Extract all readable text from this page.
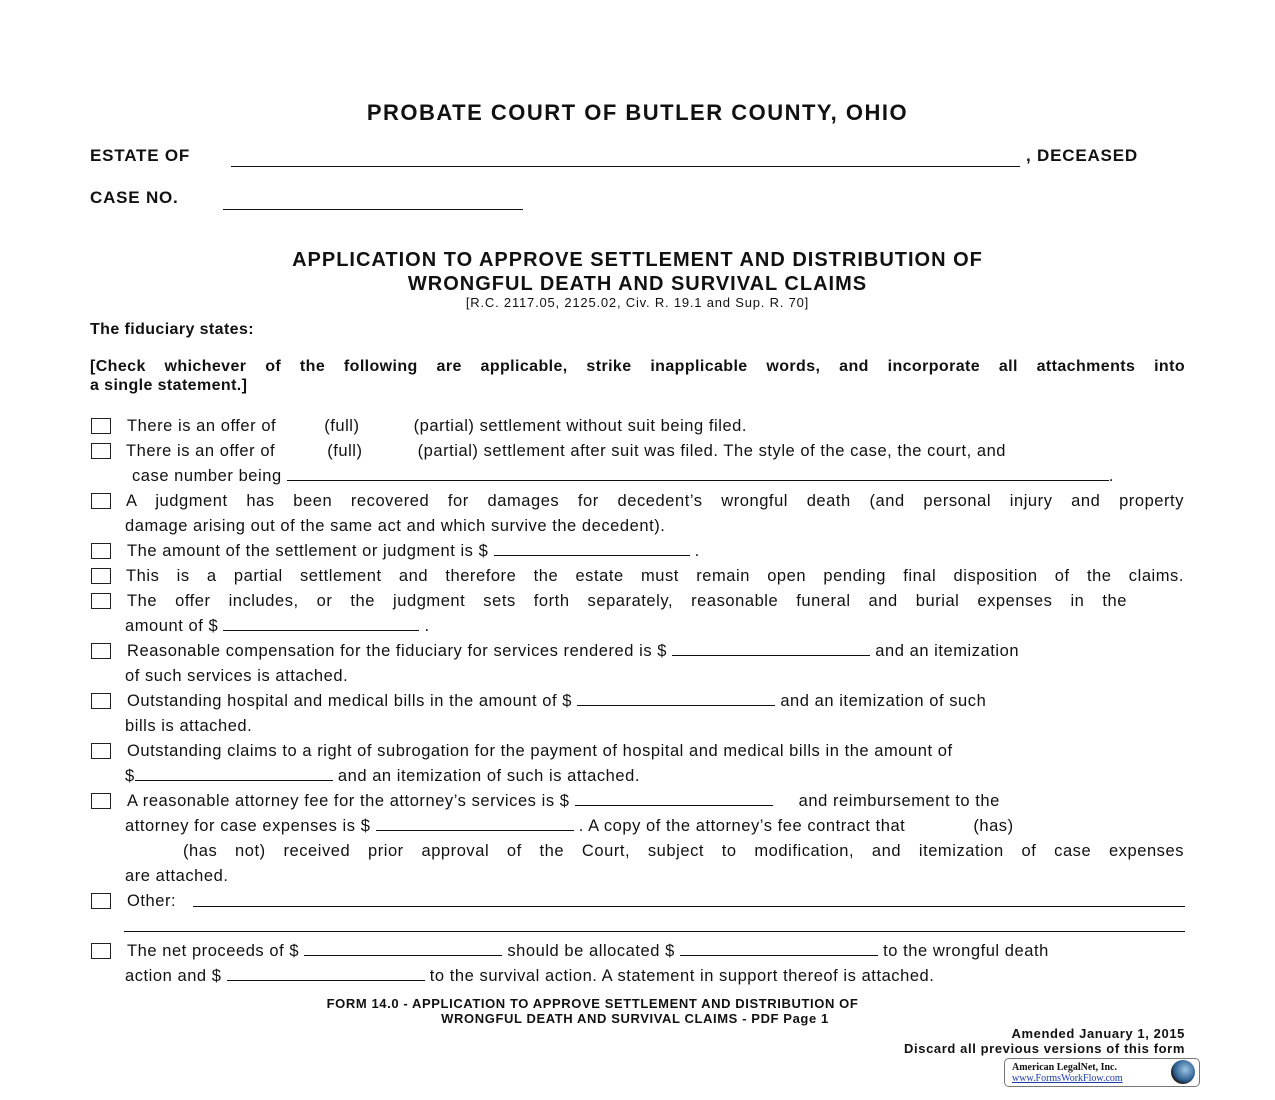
PROBATE COURT OF BUTLER COUNTY, OHIO
ESTATE OF	, DECEASED
CASE NO.
APPLICATION TO APPROVE SETTLEMENT AND DISTRIBUTION OF
WRONGFUL DEATH AND SURVIVAL CLAIMS
[R.C. 2117.05, 2125.02, Civ. R. 19.1 and Sup. R. 70]
The fiduciary states:
[Check whichever of the following are applicable, strike inapplicable words, and incorporate all attachments into
a single statement.]
There is an offer of	(full)	(partial) settlement without suit being filed.
There is an offer of	(full)	(partial) settlement after suit was filed. The style of the case, the court, and
case number being	.
A judgment has been recovered for damages for decedent’s wrongful death (and personal injury and property
damage arising out of the same act and which survive the decedent).
The amount of the settlement or judgment is $	.
This is a partial settlement and therefore the estate must remain open pending final disposition of the claims.
The offer includes, or the judgment sets forth separately, reasonable funeral and burial expenses in the
amount of $	.
Reasonable compensation for the fiduciary for services rendered is $	and an itemization
of such services is attached.
Outstanding hospital and medical bills in the amount of $	and an itemization of such
bills is attached.
Outstanding claims to a right of subrogation for the payment of hospital and medical bills in the amount of
$	and an itemization of such is attached.
A reasonable attorney fee for the attorney’s services is $	and reimbursement to the
attorney for case expenses is $	. A copy of the attorney’s fee contract that	(has)
(has not) received prior approval of the Court, subject to modification, and itemization of case expenses
are attached.
Other:
The net proceeds of $	should be allocated $	to the wrongful death
action and $	to the survival action. A statement in support thereof is attached.
FORM 14.0 - APPLICATION TO APPROVE SETTLEMENT AND DISTRIBUTION OF
WRONGFUL DEATH AND SURVIVAL CLAIMS - PDF Page 1
Amended January 1, 2015
Discard all previous versions of this form
American LegalNet, Inc.
www.FormsWorkFlow.com
